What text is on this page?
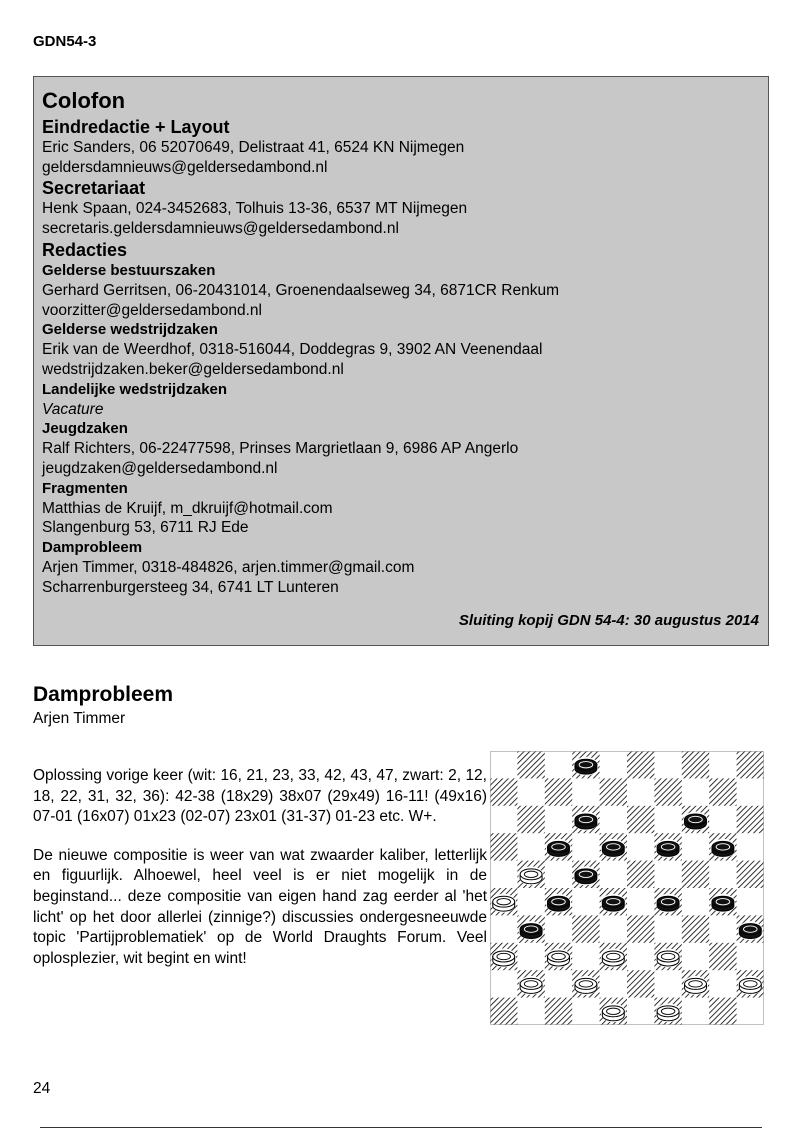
GDN54-3
Colofon
Eindredactie + Layout
Eric Sanders, 06 52070649, Delistraat 41, 6524 KN Nijmegen
geldersdamnieuws@geldersedambond.nl
Secretariaat
Henk Spaan, 024-3452683, Tolhuis 13-36, 6537 MT Nijmegen
secretaris.geldersdamnieuws@geldersedambond.nl
Redacties
Gelderse bestuurszaken
Gerhard Gerritsen, 06-20431014, Groenendaalseweg 34, 6871CR Renkum
voorzitter@geldersedambond.nl
Gelderse wedstrijdzaken
Erik van de Weerdhof, 0318-516044, Doddegras 9, 3902 AN Veenendaal
wedstrijdzaken.beker@geldersedambond.nl
Landelijke wedstrijdzaken
Vacature
Jeugdzaken
Ralf Richters, 06-22477598, Prinses Margrietlaan 9, 6986 AP Angerlo
jeugdzaken@geldersedambond.nl
Fragmenten
Matthias de Kruijf, m_dkruijf@hotmail.com
Slangenburg 53, 6711 RJ Ede
Damprobleem
Arjen Timmer, 0318-484826, arjen.timmer@gmail.com
Scharrenburgersteeg 34, 6741 LT Lunteren
Sluiting kopij GDN 54-4: 30 augustus 2014
Damprobleem
Arjen Timmer

Oplossing vorige keer (wit: 16, 21, 23, 33, 42, 43, 47, zwart: 2, 12, 18, 22, 31, 32, 36): 42-38 (18x29) 38x07 (29x49) 16-11! (49x16) 07-01 (16x07) 01x23 (02-07) 23x01 (31-37) 01-23 etc. W+.

De nieuwe compositie is weer van wat zwaarder kaliber, letterlijk en figuurlijk. Alhoewel, heel veel is er niet mogelijk in de beginstand... deze compositie van eigen hand zag eerder al 'het licht' op het door allerlei (zinnige?) discussies ondergesneeuwde topic 'Partijproblematiek' op de World Draughts Forum. Veel oplosplezier, wit begint en wint!

24
